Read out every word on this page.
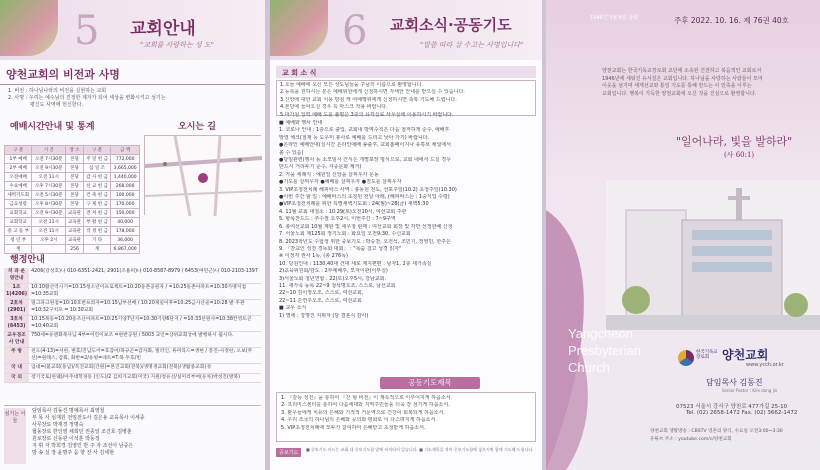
5 교회안내
"교회를 사랑하는 성 도"
양천교회의 비전과 사명
1. 비전 : 하나님나라의 비전을 실현하는 교회
2. 사명 : 우리는 예수님의 진정한 제자가 되어 세상을 변화시키고 섬기는
평신도 사역에 헌신한다.
예배시간안내 및 통계	오시는 길
구 분	시 간	장 소	구 분	금 액
1부 예배	오전 7시30분	본당	주 일 헌 금	772,000
2부 예배	오전 9시30분	본당	십 일 조	3,665,000
오전예배	오전 11시	본당	감 사 헌 금	1,440,000
수요예배	오후 7시30분	본당	선 교 헌 금	268,000
새벽기도회	오전 5시30분	본당	건 축 헌 금	100,000
금요성령	오후 8시30분	본당	구 제 헌 금	170,000
교회학교	오전 9시30분	교육관	전 쳐 헌 금	150,000
교회학교	오전 11시	교육관	부 활 헌 금	40,000
중 고 등 부	오전 11시	교육관	작 정 헌 금	178,000
청 년 부	오후 2시	교육관	기 타	36,000
계		256	계	6,867,000
행정안내
치 과 운영안내	4206(강성호)나 010-6351-2421, 2901(조용희)나 010-8587-8979 / 6453(여민근)나 010-2103-1397
1조1(4206)	10:10활산역사기=10:15청소년이프로젝트=10:20동촌공원자 / =10:25동촌아파트=10:30가맹지점=10:35교회
2호차(2901)	밀크파크원점=10:10호반프라자=10:15남부선배 / 10:20제일이후=10:25금사산골=10:28 발 주관=10:32구치포 = 10:30교회
3호차(6453)	10:15목동=10:20동조산아파트=10:25기양7단지=10:30기양6단지 / =10:33선원사=10:38칸영트큰=10:40교회
교우경조사 안내	750세=유엔화목사님 4부=어린이보조 =한반공원 / 5003 교인=상위교회상에 발행하시 됩시다.
주 방	친도(4-13)=서한, 변효/진남도어=호감어/목규곤=감자화, 빌러인, 류미라드=생현 / 봉진-사정한, 오보(무선)=원태스, 감회, 화반=2/유빙=네트=T.목 두호/빈
국 내	입대=(불교회(동남)/복진교회(간원)=본진교회(전북)/생명생교회(전북)/생활중교회(경
국 외	장기국토(한웨)/아주대학경동 (인도)/2 김희가교회(미국) 지원/청유선/실미리부여(유차)박성진(방북)
섬기는 이들
담임목사 김동진 명예목사 최영철
부 목 사 심재원 전임전도사 김은용 교육목사 이세종
사무장로 박재경 정명숙
협동장로 한인영 채희민 권종일 조건호 김병춘
원로장로 신동관 이석훈 박동정
지 휘 자 박희경 김영민 반 주 자 조선아 남중은
방 송 실 장 윤명주 음 향 전 사 김세현
6 교회소식·공동기도
"말씀 따라 살 수고는 사명입니다"
교 회 소 식
1.오늘 예배에 오신 모든 성도님들을 주님의 이름으로 환영합니다.
2.등록을 원하시는 분은 예배위원에게 신청하시면 자세한 안내를 받으실 수 있습니다.
3.신앙에 대한 교회 이용 방침 캐 여배행위에게 신청하시면 축복 기도해 드립니다.
4.본당에 들어오실 경우 꼭 마스크 착용 바랍니다.
5.마가원 일력 예배 도를 불평은 3층의 유각실료 사무실에 이용하시기 바랍니다.
■ 예배와 행사 안내
1. 코로나 안내 : 1층으로 출입, 교회내 방역수칙은 다음 철저하게 준수, 예배후
발열 체크(철제 등 도우미 봉사로 예배를 드리고 낮아 가기) 바랍니다.
●온라인 예배안내(실시간 온라인예배 송출후, 교회홈페이지나 유튜브 채널에서
볼 수 있음)
●당임관련(행사 등 소모임시 간식은 개별포장 방식으로, 교회 내에서 드실 경우
반드시 거리두기 준수, 자중문화 제거)
2. 가을 세례식 : 예원일 신앙을 살찌우자 운동
●기도를 살찌우자 ●예배를 살찌우자 ●전도를 살찌우자
3. VIP초청전치례 해피싸스 사역 : 총동원 전도, 선포주일(10.2) 초청주일(10.30)
●이번 주간 할 일 : 예배바스의 초청된 전달 아래, (해피싸스는 : 1중식업 수령)
●VIP초청전치례를 위한 특별새벽기도회 : 24(월)~28(금) 새벽5:30
4. 11월 교회 대청소 : 10.29(토)오전10시, 여선교회 주관
5. 항목찬드드 : 추수절 오후2시, 이번주간 : 7~9구역
6. 총여선교회 10월 계판 및 새우창 판매 : 여선교회 회장 및 각반 선정한예 신청
7. 서울노회 제125회 정기노회 : 화요일 오전9:30, 수신교회
8. 2023학년도 수험생 위한 중보기도 : 박승찬, 오전석, 조민기, 정영민, 한주은
9. 「찬교인 성경 경독회 대회」 : "목숨 걸고 성경 읽자"
※ 이정자 권사 1독, (총 276독)
10. 당원인내 : 1130,40대 건대 새로 제지편편 : 남자1, 2층 새가족실
2)교육위원회/감도 : 2부예배후, 모자이관(이부실)
3)서울노회 청년연합 : 22(토)오후5시, 강남교회.
11. 새가족 등록 22~9 청석명오조, 스스로, 남선교회
22~10 김이정오조, 스스로, 여선교회,
22~11 손연주오조, 스스로, 여선교회
■ 교우 소식
1) 별세 : 강명진 지휘자 (담 결혼식 감사)
공동기도제목
1. 『갈등 성전』을 통하여 『잔 형 비전』이 계속적으로 이루어지게 하옵소서.
2. 프리미스센터를 통하여 다음세대와 지역주민들을 더욱 잘 섬기게 하옵소서.
3. 환우들에게 치유의 은혜와 기적적 거운역으로 건강이 회복되게 하옵소서.
4. 우리 조국의 하나님의 은혜와 공의와 평화로 이 다스려지게 하옵소서.
5. VIP초청전치례에 모두가 참여하여 은혜받고 초청받게 하옵소서.
중보기도
■ 중보기도 카드는 교회 내 중보기도함 앞에 비치되어 있습니다. ■ 기도제목을 적어 중보기도함에 넣으시면 함께 기도해 드립니다.
1946년 3월 6일 창립	주후 2022. 10. 16. 제 76권 40호
양천교회는 한국기독교장로회 교단에 소속된 건전하고 복음적인 교회로서
1946년에 세워진 유서깊은 교회입니다. 하나님을 사랑하는 사람들이 모여
이웃을 섬기며 세계선교와 통일 기도를 통해 만드는 이 민족을 이루는
교회입니다. 행복이 가득한 양천교회에 오신 것을 진심으로 환영합니다.
"일어나라, 빛을 발하라"
(사 60:1)
Yangcheon
Presbyterian
Church
한국기독교장로회	양천교회
www.ycch.or.kr
담임목사 김동진
Senior Pastor : Kim dong jin
07523 서울시 강서구 양천로 477가길 25-10
Tel. (02) 2658-1472 Fax. (02) 3662-1472
양천교회 생활방송 : CBSTV 영혼의 양식, 수요일 오전3:00~3:30
유튜브 주소 : youtube.com/c/양천교회
